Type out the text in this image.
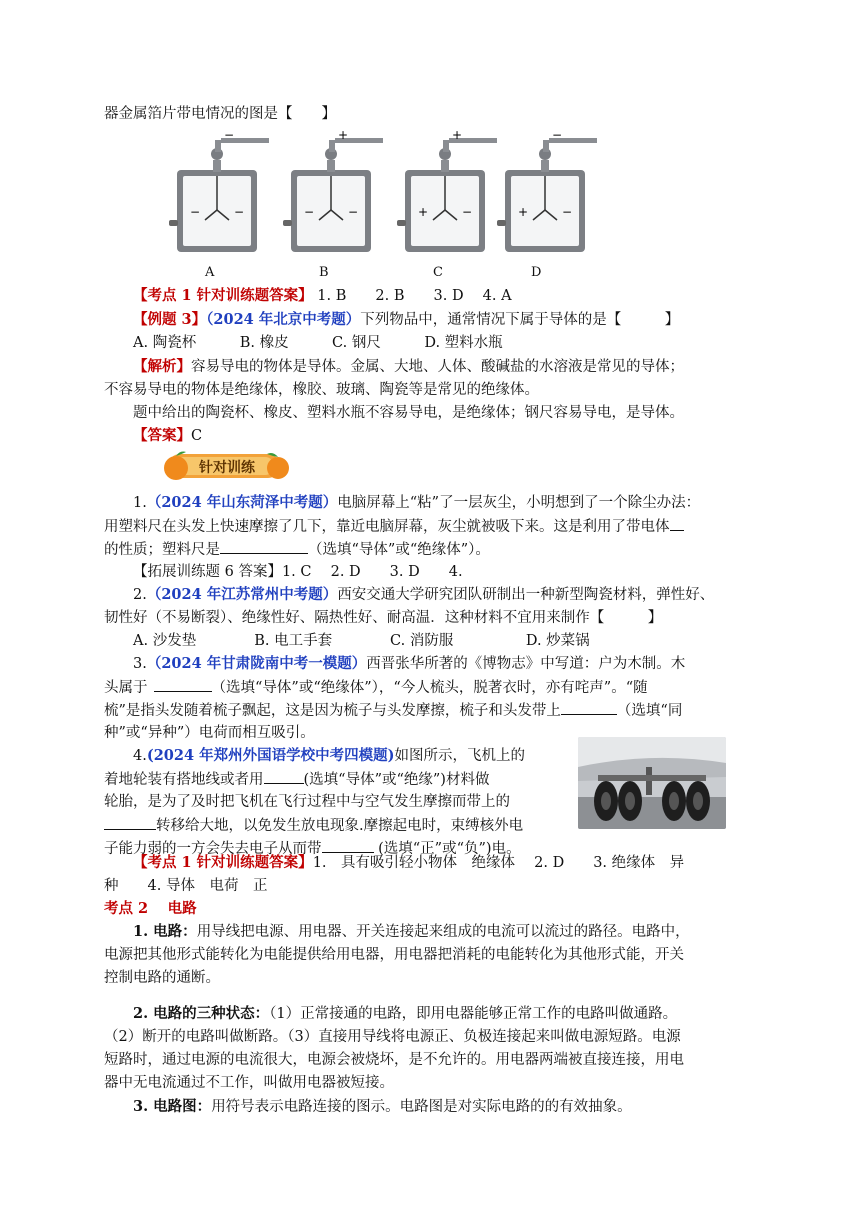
器金属箔片带电情况的图是【　　】
−
−	−
+
−	−
+
+	−
−
+	−
A	B	C	D
【考点 1 针对训练题答案】 1. B　　2. B　　3. D　 4. A
【例题 3】（2024 年北京中考题）下列物品中，通常情况下属于导体的是【　　　】
A. 陶瓷杯　　　B. 橡皮　　　C. 钢尺　　　D. 塑料水瓶
【解析】容易导电的物体是导体。金属、大地、人体、酸碱盐的水溶液是常见的导体；
不容易导电的物体是绝缘体，橡胶、玻璃、陶瓷等是常见的绝缘体。
题中给出的陶瓷杯、橡皮、塑料水瓶不容易导电，是绝缘体；钢尺容易导电，是导体。
【答案】C
针对训练
1.（2024 年山东菏泽中考题）电脑屏幕上“粘”了一层灰尘，小明想到了一个除尘办法：
用塑料尺在头发上快速摩擦了几下，靠近电脑屏幕，灰尘就被吸下来。这是利用了带电体
的性质；塑料尺是	（选填“导体”或“绝缘体”）。
【拓展训练题 6 答案】1. C　 2. D　　3. D　　4.
2.（2024 年江苏常州中考题）西安交通大学研究团队研制出一种新型陶瓷材料，弹性好、
韧性好（不易断裂）、绝缘性好、隔热性好、耐高温．这种材料不宜用来制作【　　　】
A. 沙发垫　　　　B. 电工手套　　　　C. 消防服　　　　　D. 炒菜锅
3.（2024 年甘肃陇南中考一模题）西晋张华所著的《博物志》中写道：户为木制。木
头属于	（选填“导体”或“绝缘体”），“今人梳头，脱著衣时，亦有咤声”。“随
梳”是指头发随着梳子飘起，这是因为梳子与头发摩擦，梳子和头发带上	（选填“同
种”或“异种”）电荷而相互吸引。
4.(2024 年郑州外国语学校中考四模题)如图所示，飞机上的
着地轮装有搭地线或者用	(选填“导体”或“绝缘”)材料做
轮胎，是为了及时把飞机在飞行过程中与空气发生摩擦而带上的
转移给大地，以免发生放电现象.摩擦起电时，束缚核外电
子能力弱的一方会失去电子从而带	(选填“正”或“负”)电。
【考点 1 针对训练题答案】1.　具有吸引轻小物体　绝缘体　 2. D　　3. 绝缘体　异
种　　4. 导体　电荷　正
考点 2　 电路
1. 电路：用导线把电源、用电器、开关连接起来组成的电流可以流过的路径。电路中，
电源把其他形式能转化为电能提供给用电器，用电器把消耗的电能转化为其他形式能，开关
控制电路的通断。
2. 电路的三种状态：（1）正常接通的电路，即用电器能够正常工作的电路叫做通路。
（2）断开的电路叫做断路。（3）直接用导线将电源正、负极连接起来叫做电源短路。电源
短路时，通过电源的电流很大，电源会被烧坏，是不允许的。用电器两端被直接连接，用电
器中无电流通过不工作，叫做用电器被短接。
3. 电路图：用符号表示电路连接的图示。电路图是对实际电路的的有效抽象。
